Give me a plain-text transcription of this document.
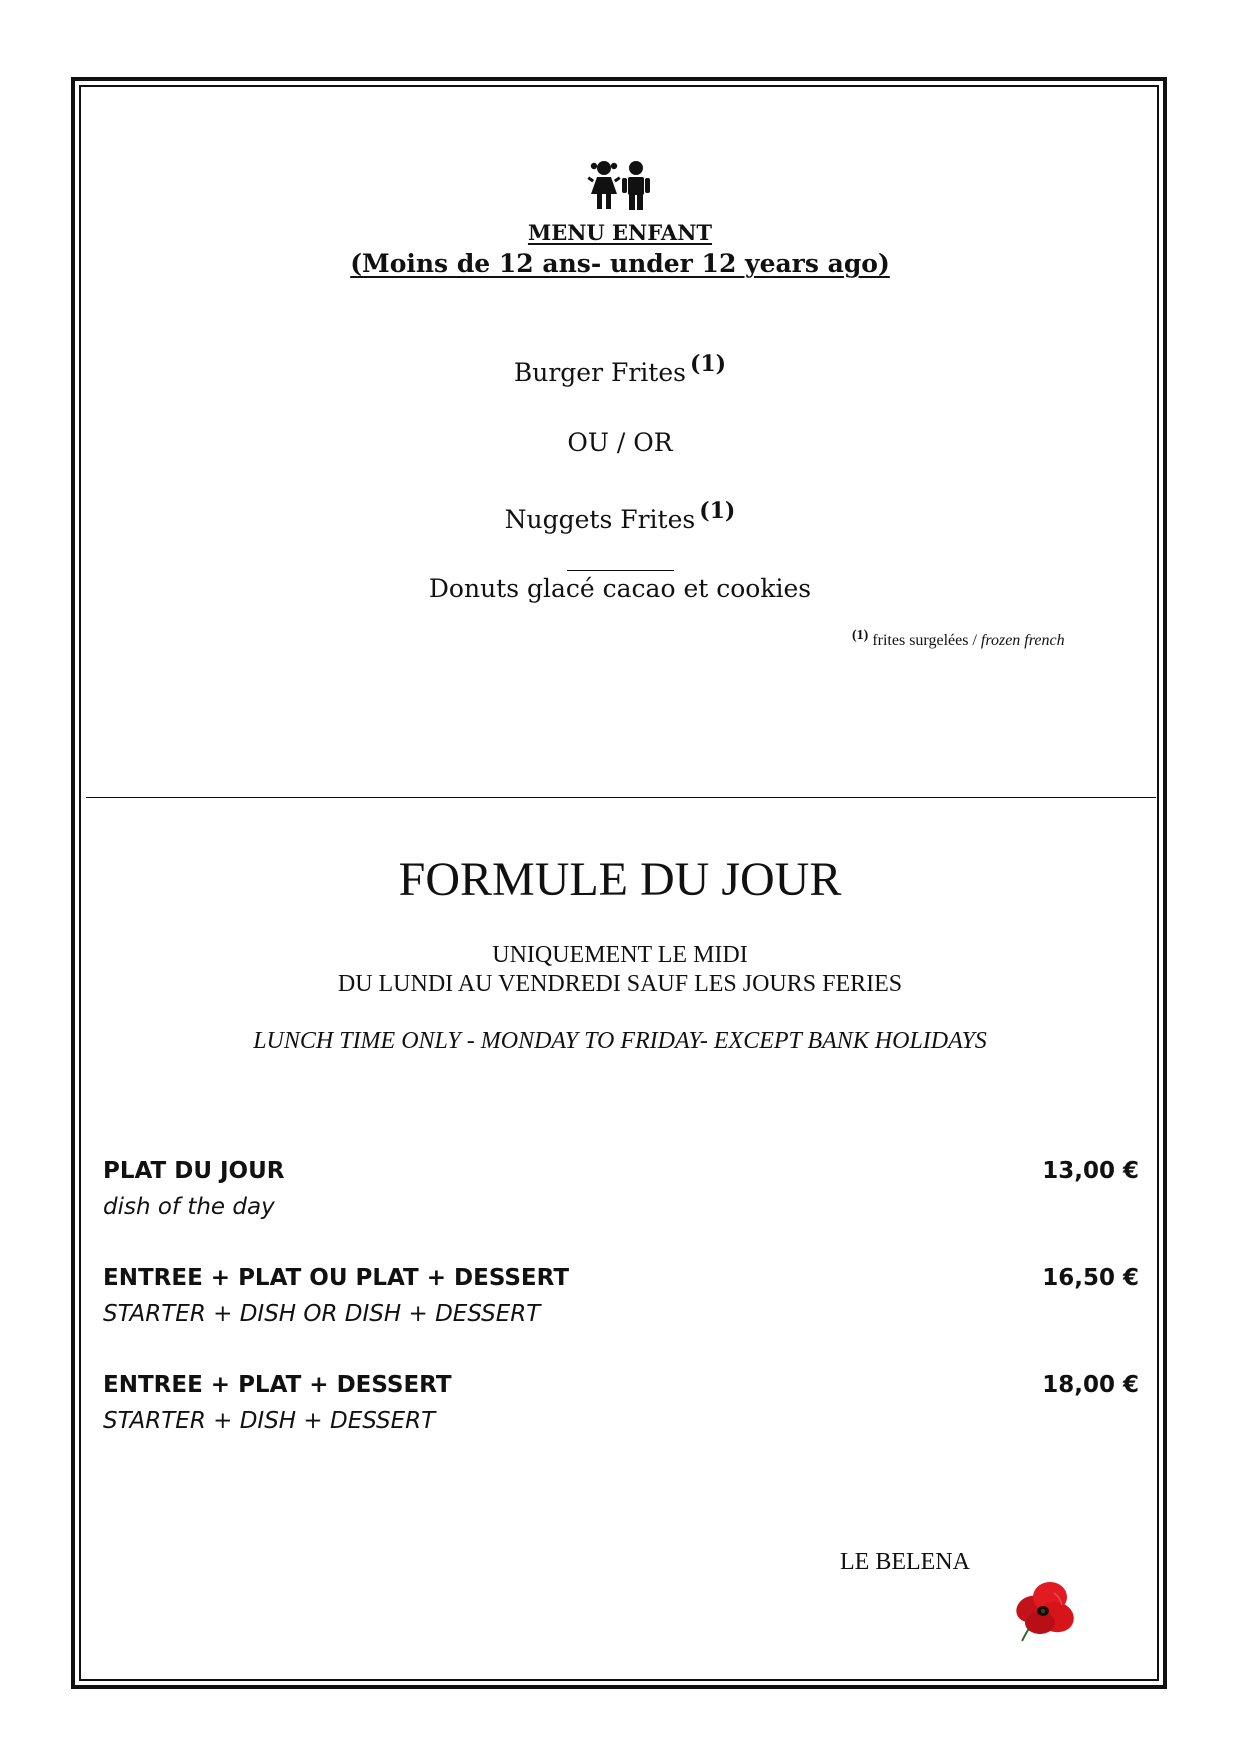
MENU ENFANT
(Moins de 12 ans- under 12 years ago)
Burger Frites (1)
OU / OR
Nuggets Frites (1)
Donuts glacé cacao et cookies
(1) frites surgelées / frozen french
FORMULE DU JOUR
UNIQUEMENT LE MIDI
DU LUNDI AU VENDREDI SAUF LES JOURS FERIES
LUNCH TIME ONLY - MONDAY TO FRIDAY- EXCEPT BANK HOLIDAYS
PLAT DU JOUR	13,00 €
dish of the day
ENTREE + PLAT OU PLAT + DESSERT	16,50 €
STARTER + DISH OR DISH + DESSERT
ENTREE + PLAT + DESSERT	18,00 €
STARTER + DISH + DESSERT
LE BELENA
